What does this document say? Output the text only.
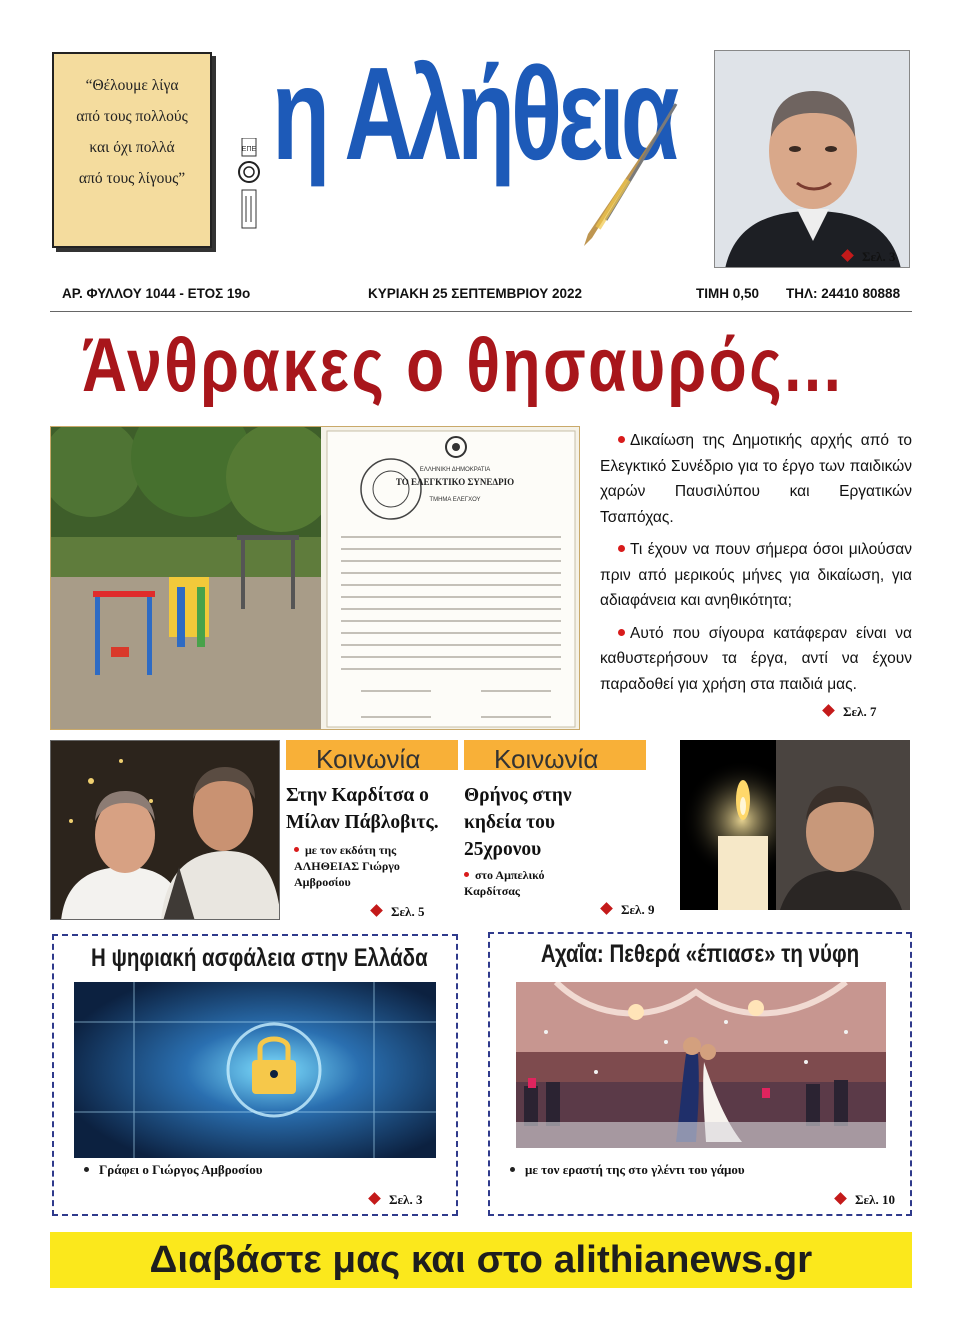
“Θέλουμε λίγα
από τους πολλούς
και όχι πολλά
από τους λίγους”
ΕΠΕ η Αλήθεια
Σελ. 3
ΑΡ. ΦΥΛΛΟΥ 1044 - ΕΤΟΣ 19ο	ΚΥΡΙΑΚΗ 25 ΣΕΠΤΕΜΒΡΙΟΥ 2022	ΤΙΜΗ 0,50 ΤΗΛ: 24410 80888
Άνθρακες ο θησαυρός...
ΕΛΛΗΝΙΚΗ ΔΗΜΟΚΡΑΤΙΑ
ΤΟ ΕΛΕΓΚΤΙΚΟ ΣΥΝΕΔΡΙΟ
ΤΜΗΜΑ ΕΛΕΓΧΟΥ

Δικαίωση της Δημοτικής αρχής από το Ελεγκτικό Συνέδριο για το έργο των παιδικών χαρών Παυσιλύπου και Εργατικών Τσαπόχας.

Τι έχουν να πουν σήμερα όσοι μιλούσαν πριν από μερικούς μήνες για δικαίωση, για αδιαφάνεια και ανηθικότητα;

Αυτό που σίγουρα κατάφεραν είναι να καθυστερήσουν τα έργα, αντί να έχουν παραδοθεί για χρήση στα παιδιά μας.

Σελ. 7
Κοινωνία
Στην Καρδίτσα ο Μίλαν Πάβλοβιτς.
με τον εκδότη της ΑΛΗΘΕΙΑΣ Γιώργο Αμβροσίου
Σελ. 5
Κοινωνία
Θρήνος στην κηδεία του 25χρονου
στο Αμπελικό Καρδίτσας
Σελ. 9
Η ψηφιακή ασφάλεια στην Ελλάδα
Γράφει ο Γιώργος Αμβροσίου
Σελ. 3
Αχαΐα: Πεθερά «έπιασε» τη νύφη
με τον εραστή της στο γλέντι του γάμου
Σελ. 10
Διαβάστε μας και στο alithianews.gr
